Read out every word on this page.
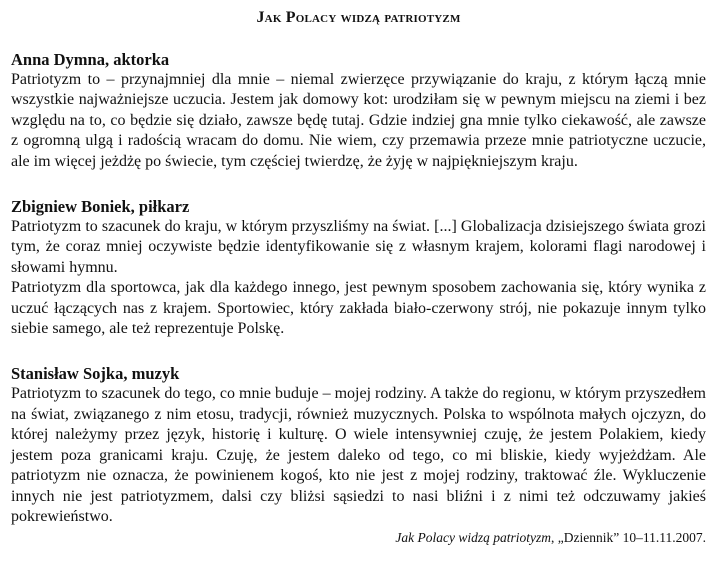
Jak Polacy widzą patriotyzm
Anna Dymna, aktorka

Patriotyzm to – przynajmniej dla mnie – niemal zwierzęce przywiązanie do kraju, z którym łączą mnie wszystkie najważniejsze uczucia. Jestem jak domowy kot: urodziłam się w pewnym miejscu na ziemi i bez względu na to, co będzie się działo, zawsze będę tutaj. Gdzie indziej gna mnie tylko ciekawość, ale zawsze z ogromną ulgą i radością wracam do domu. Nie wiem, czy przemawia przeze mnie patriotyczne uczucie, ale im więcej jeżdżę po świecie, tym częściej twierdzę, że żyję w najpiękniejszym kraju.

Zbigniew Boniek, piłkarz

Patriotyzm to szacunek do kraju, w którym przyszliśmy na świat. [...] Globalizacja dzisiejszego świata grozi tym, że coraz mniej oczywiste będzie identyfikowanie się z własnym krajem, kolorami flagi narodowej i słowami hymnu.

Patriotyzm dla sportowca, jak dla każdego innego, jest pewnym sposobem zachowania się, który wynika z uczuć łączących nas z krajem. Sportowiec, który zakłada biało-czerwony strój, nie pokazuje innym tylko siebie samego, ale też reprezentuje Polskę.

Stanisław Sojka, muzyk

Patriotyzm to szacunek do tego, co mnie buduje – mojej rodziny. A także do regionu, w którym przyszedłem na świat, związanego z nim etosu, tradycji, również muzycznych. Polska to wspólnota małych ojczyzn, do której należymy przez język, historię i kulturę. O wiele intensywniej czuję, że jestem Polakiem, kiedy jestem poza granicami kraju. Czuję, że jestem daleko od tego, co mi bliskie, kiedy wyjeżdżam. Ale patriotyzm nie oznacza, że powinienem kogoś, kto nie jest z mojej rodziny, traktować źle. Wykluczenie innych nie jest patriotyzmem, dalsi czy bliżsi sąsiedzi to nasi bliźni i z nimi też odczuwamy jakieś pokrewieństwo.

Jak Polacy widzą patriotyzm, „Dziennik” 10–11.11.2007.
